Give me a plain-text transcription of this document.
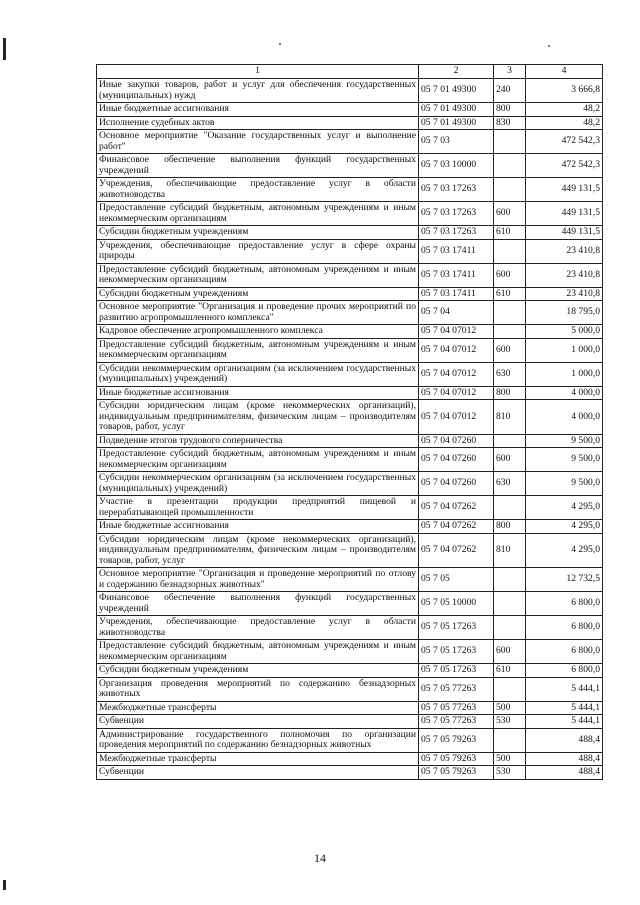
1	2	3	4
Иные закупки товаров, работ и услуг для обеспечения государственных (муниципальных) нужд	05 7 01 49300	240	3 666,8
Иные бюджетные ассигнования	05 7 01 49300	800	48,2
Исполнение судебных актов	05 7 01 49300	830	48,2
Основное мероприятие "Оказание государственных услуг и выполнение работ"	05 7 03		472 542,3
Финансовое обеспечение выполнения функций государственных учреждений	05 7 03 10000		472 542,3
Учреждения, обеспечивающие предоставление услуг в области животноводства	05 7 03 17263		449 131,5
Предоставление субсидий бюджетным, автономным учреждениям и иным некоммерческим организациям	05 7 03 17263	600	449 131,5
Субсидии бюджетным учреждениям	05 7 03 17263	610	449 131,5
Учреждения, обеспечивающие предоставление услуг в сфере охраны природы	05 7 03 17411		23 410,8
Предоставление субсидий бюджетным, автономным учреждениям и иным некоммерческим организациям	05 7 03 17411	600	23 410,8
Субсидии бюджетным учреждениям	05 7 03 17411	610	23 410,8
Основное мероприятие "Организация и проведение прочих мероприятий по развитию агропромышленного комплекса"	05 7 04		18 795,0
Кадровое обеспечение агропромышленного комплекса	05 7 04 07012		5 000,0
Предоставление субсидий бюджетным, автономным учреждениям и иным некоммерческим организациям	05 7 04 07012	600	1 000,0
Субсидии некоммерческим организациям (за исключением государственных (муниципальных) учреждений)	05 7 04 07012	630	1 000,0
Иные бюджетные ассигнования	05 7 04 07012	800	4 000,0
Субсидии юридическим лицам (кроме некоммерческих организаций), индивидуальным предпринимателям, физическим лицам – производителям товаров, работ, услуг	05 7 04 07012	810	4 000,0
Подведение итогов трудового соперничества	05 7 04 07260		9 500,0
Предоставление субсидий бюджетным, автономным учреждениям и иным некоммерческим организациям	05 7 04 07260	600	9 500,0
Субсидии некоммерческим организациям (за исключением государственных (муниципальных) учреждений)	05 7 04 07260	630	9 500,0
Участие в презентации продукции предприятий пищевой и перерабатывающей промышленности	05 7 04 07262		4 295,0
Иные бюджетные ассигнования	05 7 04 07262	800	4 295,0
Субсидии юридическим лицам (кроме некоммерческих организаций), индивидуальным предпринимателям, физическим лицам – производителям товаров, работ, услуг	05 7 04 07262	810	4 295,0
Основное мероприятие "Организация и проведение мероприятий по отлову и содержанию безнадзорных животных"	05 7 05		12 732,5
Финансовое обеспечение выполнения функций государственных учреждений	05 7 05 10000		6 800,0
Учреждения, обеспечивающие предоставление услуг в области животноводства	05 7 05 17263		6 800,0
Предоставление субсидий бюджетным, автономным учреждениям и иным некоммерческим организациям	05 7 05 17263	600	6 800,0
Субсидии бюджетным учреждениям	05 7 05 17263	610	6 800,0
Организация проведения мероприятий по содержанию безнадзорных животных	05 7 05 77263		5 444,1
Межбюджетные трансферты	05 7 05 77263	500	5 444,1
Субвенции	05 7 05 77263	530	5 444,1
Администрирование государственного полномочия по организации проведения мероприятий по содержанию безнадзорных животных	05 7 05 79263		488,4
Межбюджетные трансферты	05 7 05 79263	500	488,4
Субвенции	05 7 05 79263	530	488,4
14
